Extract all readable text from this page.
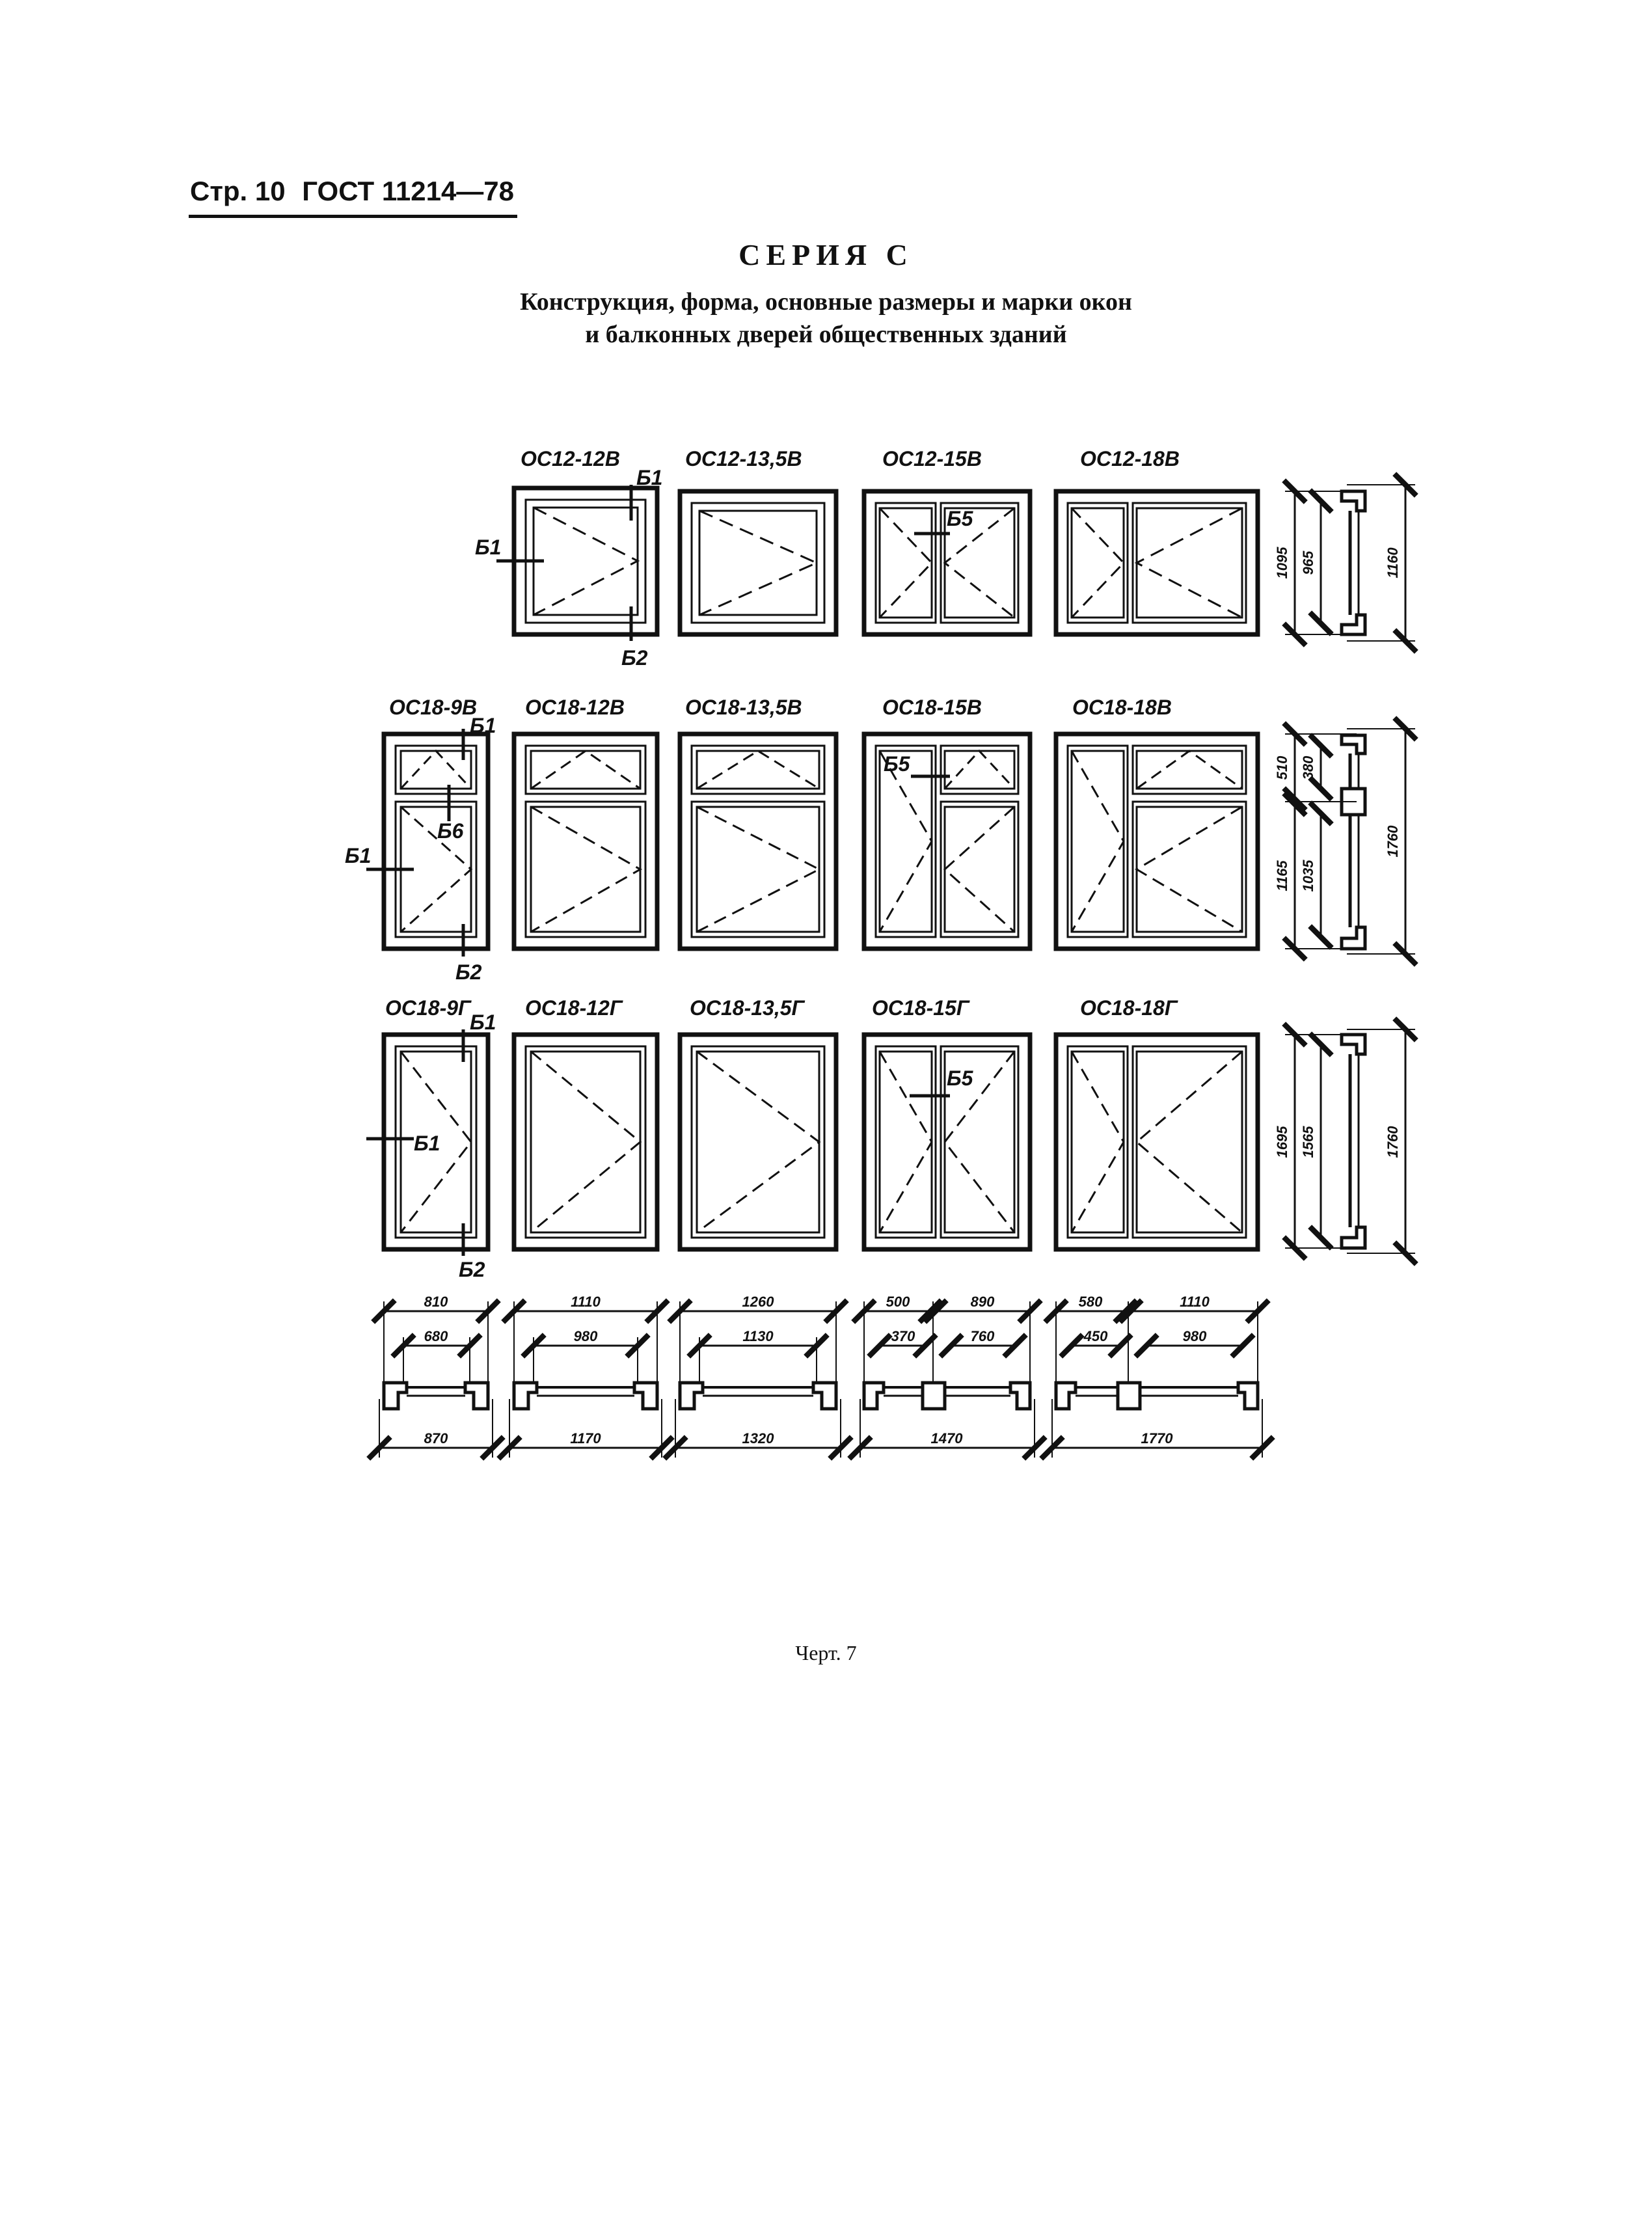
Стр. 10 ГОСТ 11214—78
СЕРИЯ С
Конструкция, форма, основные размеры и марки окон
и балконных дверей общественных зданий
ОС12-12В	ОС12-13,5В	ОС12-15В	ОС12-18В
Б1
Б1
Б2
Б5
1095 965	1160
ОС18-9В ОС18-12В	ОС18-13,5В	ОС18-15В	ОС18-18В
Б1
Б1
Б6
Б2
Б5	510 380
1165 1035
1760
ОС18-9Г	ОС18-12Г	ОС18-13,5Г	ОС18-15Г	ОС18-18Г
Б1
Б1
Б2
Б5
1695 1565	1760
810
680
870
1110
980
1170
1260
1130
1320
500	890
370	760
1470
580	1110
450	980
1770
Черт. 7
